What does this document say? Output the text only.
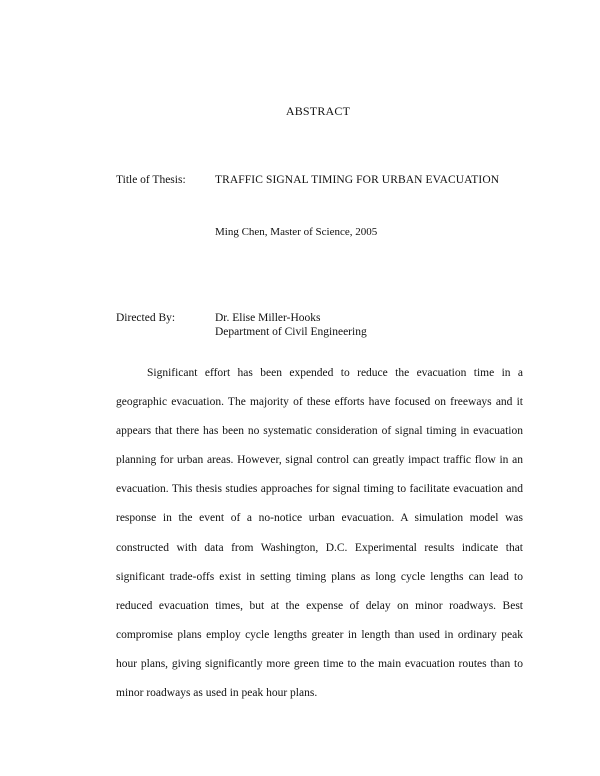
ABSTRACT
Title of Thesis:	TRAFFIC SIGNAL TIMING FOR URBAN EVACUATION
Ming Chen, Master of Science, 2005
Directed By:	Dr. Elise Miller-Hooks
Department of Civil Engineering

Significant effort has been expended to reduce the evacuation time in a geographic evacuation. The majority of these efforts have focused on freeways and it appears that there has been no systematic consideration of signal timing in evacuation planning for urban areas. However, signal control can greatly impact traffic flow in an evacuation. This thesis studies approaches for signal timing to facilitate evacuation and response in the event of a no-notice urban evacuation. A simulation model was constructed with data from Washington, D.C. Experimental results indicate that significant trade-offs exist in setting timing plans as long cycle lengths can lead to reduced evacuation times, but at the expense of delay on minor roadways. Best compromise plans employ cycle lengths greater in length than used in ordinary peak hour plans, giving significantly more green time to the main evacuation routes than to minor roadways as used in peak hour plans.
